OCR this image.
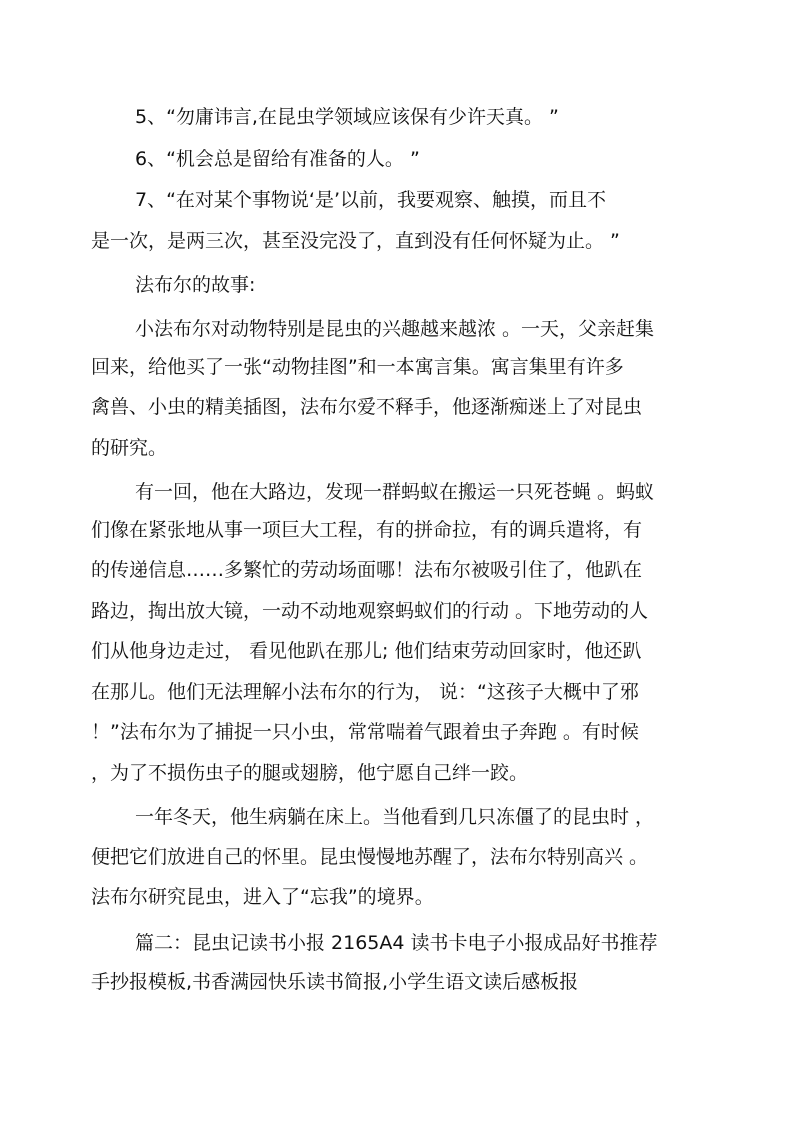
5、“勿庸讳言,在昆虫学领域应该保有少许天真。 ”
6、“机会总是留给有准备的人。 ”
7、“在对某个事物说‘是’以前，我要观察、触摸，而且不
是一次，是两三次，甚至没完没了，直到没有任何怀疑为止。 ”
法布尔的故事:
小法布尔对动物特别是昆虫的兴趣越来越浓 。一天，父亲赶集
回来，给他买了一张“动物挂图”和一本寓言集。寓言集里有许多
禽兽、小虫的精美插图，法布尔爱不释手，他逐渐痴迷上了对昆虫
的研究。
有一回，他在大路边，发现一群蚂蚁在搬运一只死苍蝇 。蚂蚁
们像在紧张地从事一项巨大工程，有的拼命拉，有的调兵遣将，有
的传递信息……多繁忙的劳动场面哪！法布尔被吸引住了，他趴在
路边，掏出放大镜，一动不动地观察蚂蚁们的行动 。下地劳动的人
们从他身边走过， 看见他趴在那儿; 他们结束劳动回家时，他还趴
在那儿。他们无法理解小法布尔的行为， 说：“这孩子大概中了邪
！”法布尔为了捕捉一只小虫，常常喘着气跟着虫子奔跑 。有时候
，为了不损伤虫子的腿或翅膀，他宁愿自己绊一跤。
一年冬天，他生病躺在床上。当他看到几只冻僵了的昆虫时 ，
便把它们放进自己的怀里。昆虫慢慢地苏醒了，法布尔特别高兴 。
法布尔研究昆虫，进入了“忘我”的境界。
篇二：昆虫记读书小报 2165A4 读书卡电子小报成品好书推荐
手抄报模板,书香满园快乐读书简报,小学生语文读后感板报
